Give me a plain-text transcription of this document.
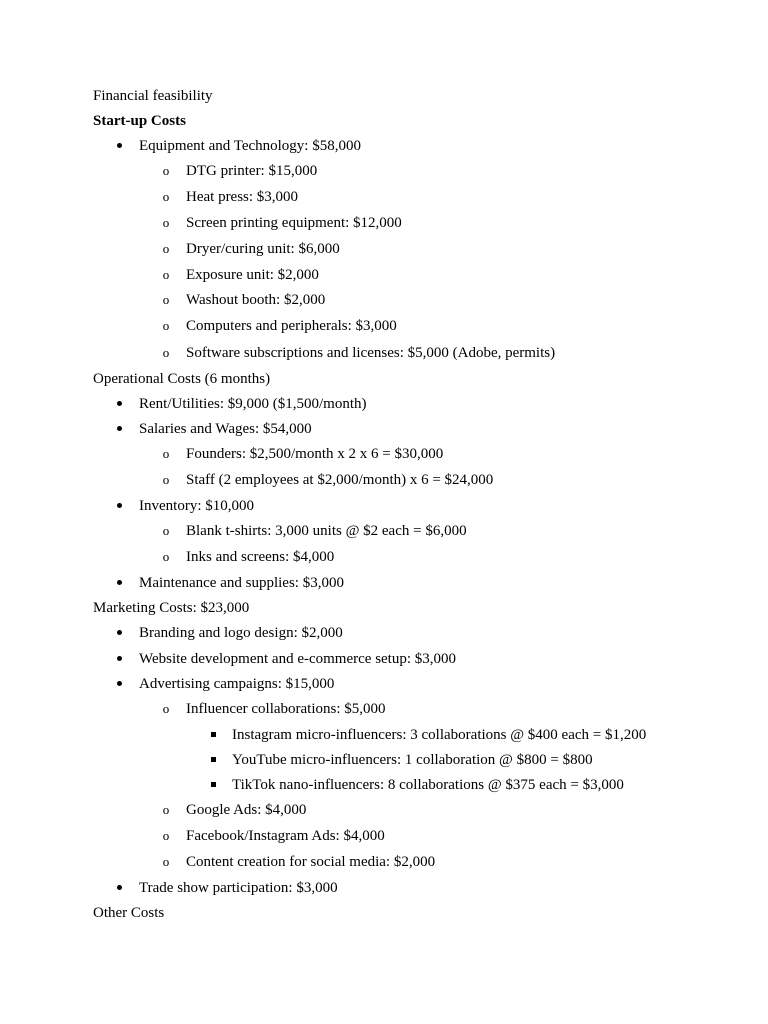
Financial feasibility
Start-up Costs
Equipment and Technology: $58,000
o DTG printer: $15,000
o Heat press: $3,000
o Screen printing equipment: $12,000
o Dryer/curing unit: $6,000
o Exposure unit: $2,000
o Washout booth: $2,000
o Computers and peripherals: $3,000
o Software subscriptions and licenses: $5,000 (Adobe, permits)
Operational Costs (6 months)
Rent/Utilities: $9,000 ($1,500/month)
Salaries and Wages: $54,000
o Founders: $2,500/month x 2 x 6 = $30,000
o Staff (2 employees at $2,000/month) x 6 = $24,000
Inventory: $10,000
o Blank t-shirts: 3,000 units @ $2 each = $6,000
o Inks and screens: $4,000
Maintenance and supplies: $3,000
Marketing Costs: $23,000
Branding and logo design: $2,000
Website development and e-commerce setup: $3,000
Advertising campaigns: $15,000
o Influencer collaborations: $5,000
Instagram micro-influencers: 3 collaborations @ $400 each = $1,200
YouTube micro-influencers: 1 collaboration @ $800 = $800
TikTok nano-influencers: 8 collaborations @ $375 each = $3,000
o Google Ads: $4,000
o Facebook/Instagram Ads: $4,000
o Content creation for social media: $2,000
Trade show participation: $3,000
Other Costs
